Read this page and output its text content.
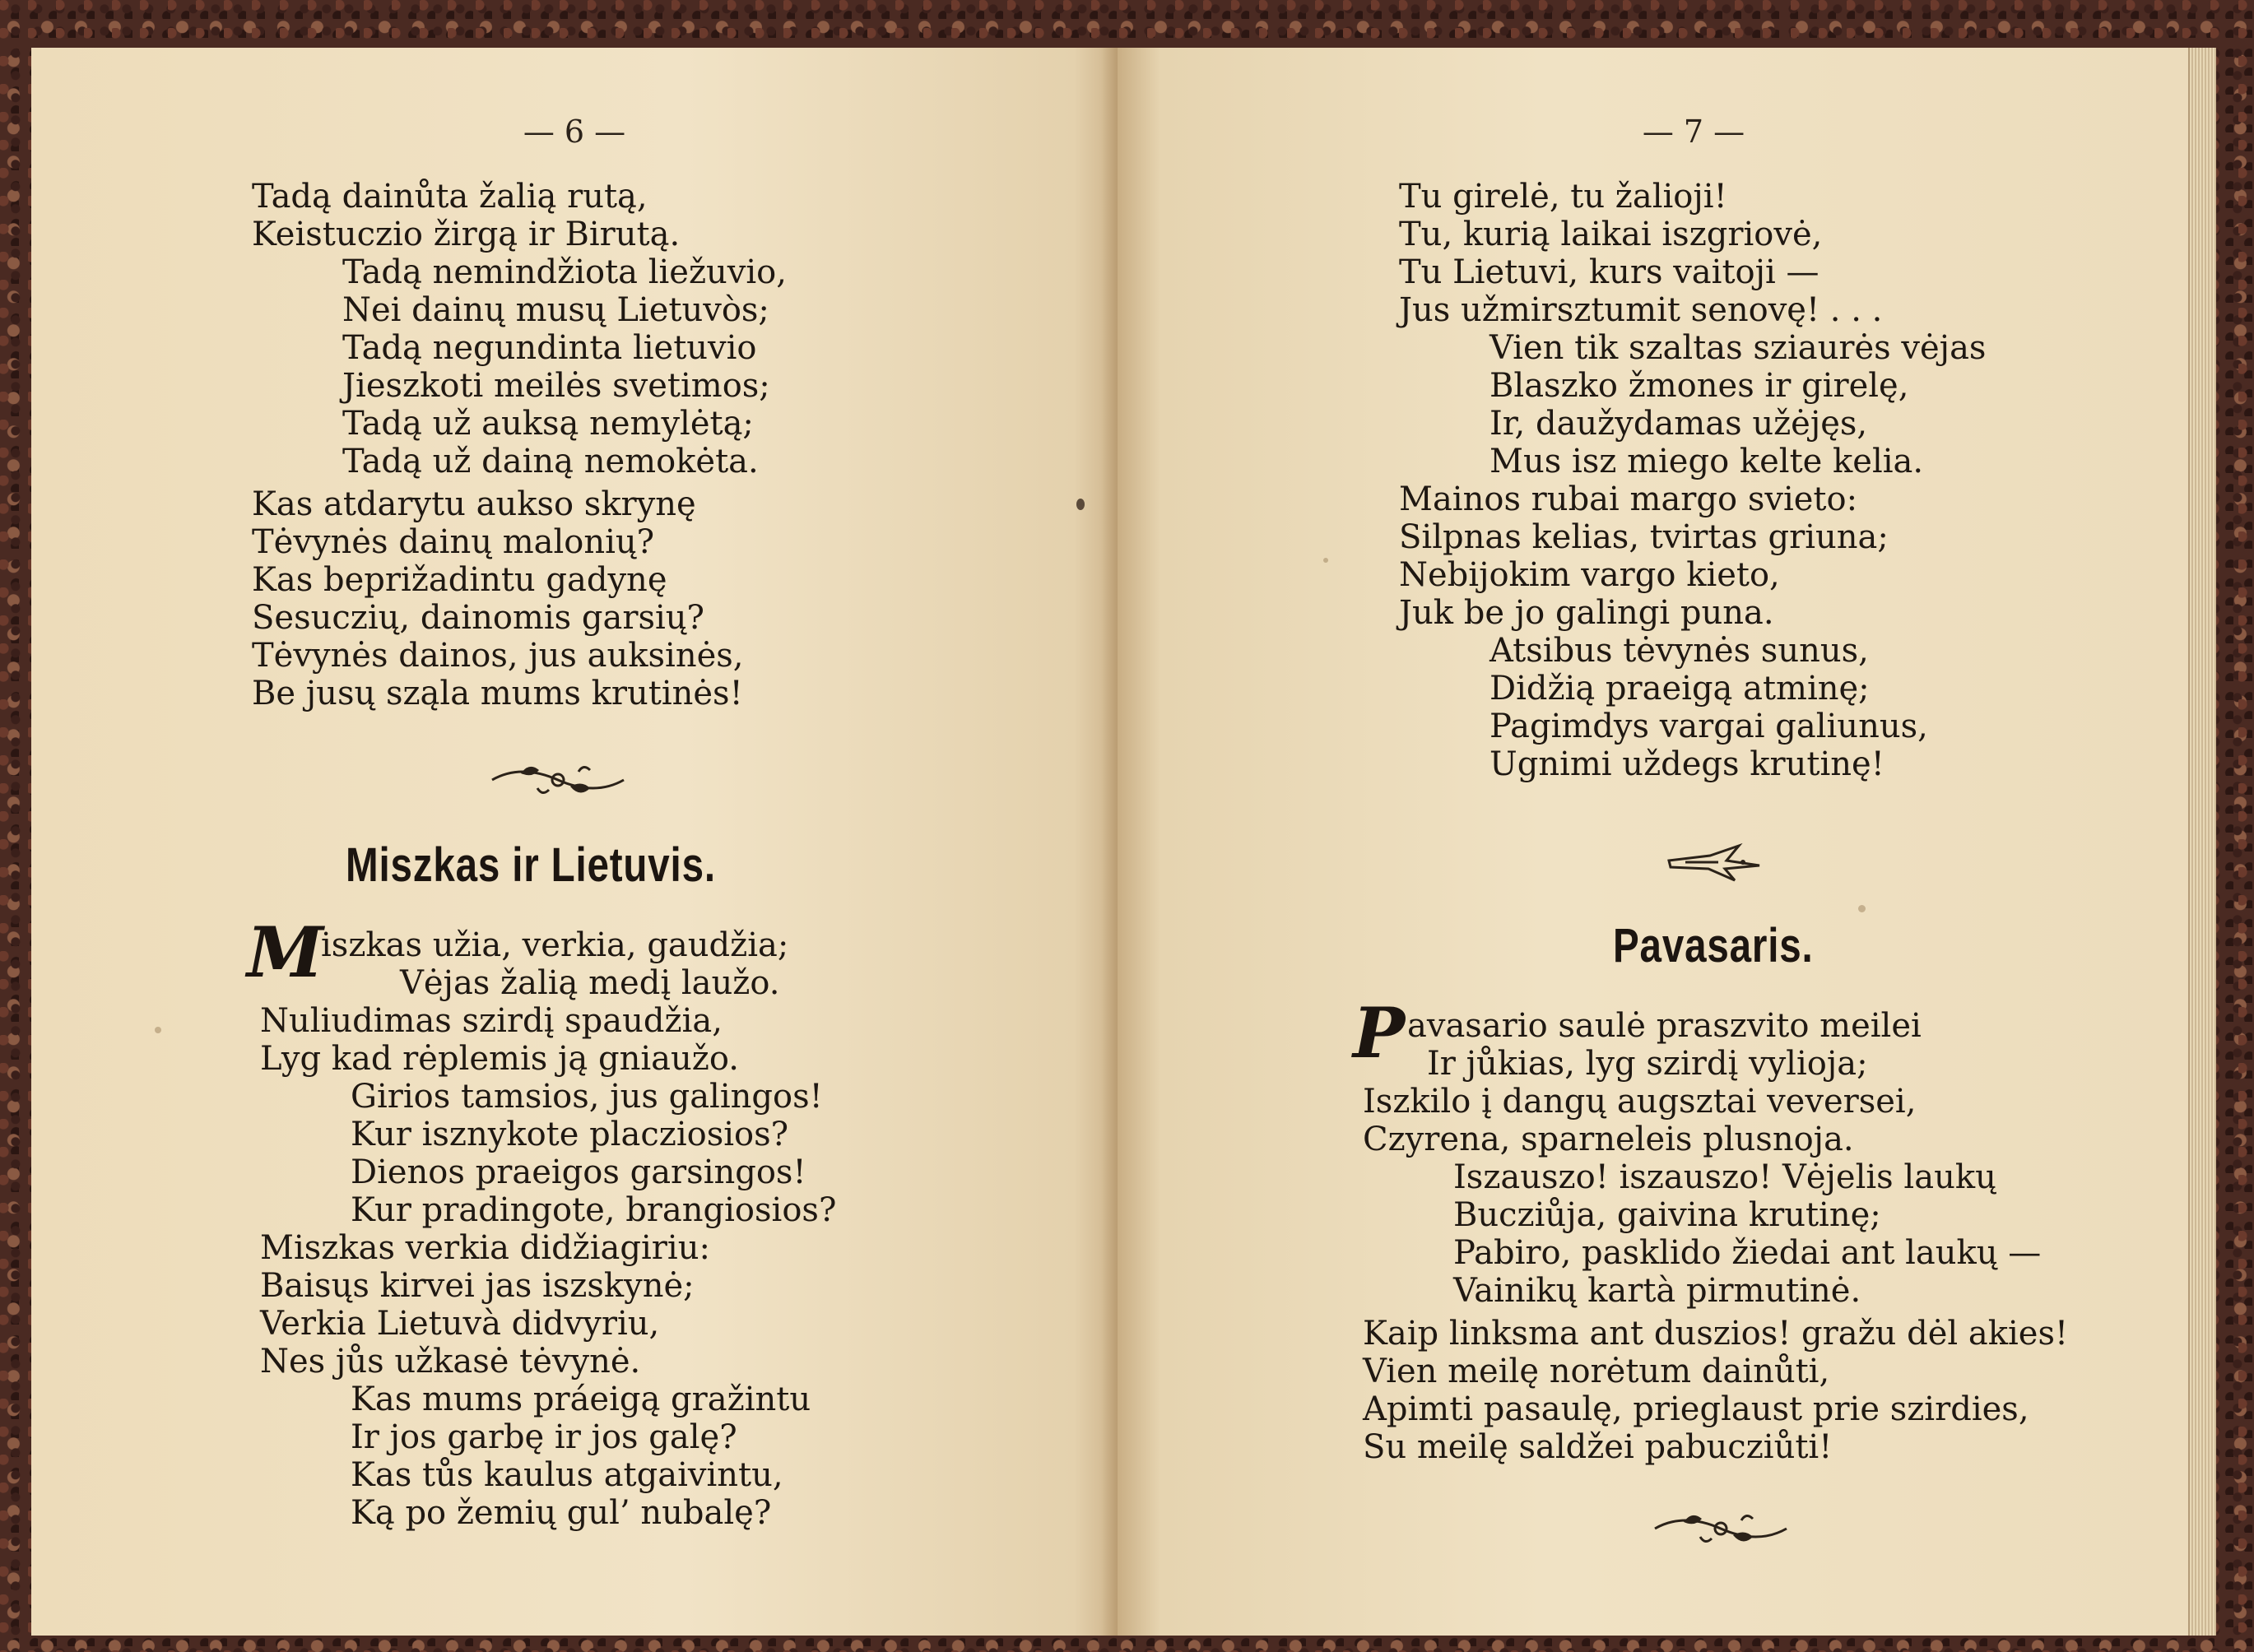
— 6 —
Tadą dainůta žalią rutą,
Keistuczio žirgą ir Birutą.
Tadą nemindžiota liežuvio,
Nei dainų musų Lietuvòs;
Tadą negundinta lietuvio
Jieszkoti meilės svetimos;
Tadą už auksą nemylėtą;
Tadą už dainą nemokėta.
Kas atdarytu aukso skrynę
Tėvynės dainų malonių?
Kas beprižadintu gadynę
Sesuczių, dainomis garsių?
Tėvynės dainos, jus auksinės,
Be jusų sząla mums krutinės!
Miszkas ir Lietuvis.
M
iszkas užia, verkia, gaudžia;
Vėjas žalią medį laužo.
Nuliudimas szirdį spaudžia,
Lyg kad rėplemis ją gniaužo.
Girios tamsios, jus galingos!
Kur isznykote placziosios?
Dienos praeigos garsingos!
Kur pradingote, brangiosios?
Miszkas verkia didžiagiriu:
Baisųs kirvei jas iszskynė;
Verkia Lietuvà didvyriu,
Nes jůs užkasė tėvynė.
Kas mums práeigą gražintu
Ir jos garbę ir jos galę?
Kas tůs kaulus atgaivintu,
Ką po žemių gul’ nubalę?
— 7 —
Tu girelė, tu žalioji!
Tu, kurią laikai iszgriovė,
Tu Lietuvi, kurs vaitoji —
Jus užmirsztumit senovę! . . .
Vien tik szaltas sziaurės vėjas
Blaszko žmones ir girelę,
Ir, daužydamas užėjęs,
Mus isz miego kelte kelia.
Mainos rubai margo svieto:
Silpnas kelias, tvirtas griuna;
Nebijokim vargo kieto,
Juk be jo galingi puna.
Atsibus tėvynės sunus,
Didžią praeigą atminę;
Pagimdys vargai galiunus,
Ugnimi uždegs krutinę!
Pavasaris.
P avasario saulė praszvito meilei
Ir jůkias, lyg szirdį vylioja;
Iszkilo į dangų augsztai veversei,
Czyrena, sparneleis plusnoja.
Iszauszo! iszauszo! Vėjelis laukų
Bucziůja, gaivina krutinę;
Pabiro, pasklido žiedai ant laukų —
Vainikų kartà pirmutinė.
Kaip linksma ant duszios! gražu dėl akies!
Vien meilę norėtum dainůti,
Apimti pasaulę, prieglaust prie szirdies,
Su meilę saldžei pabucziůti!
